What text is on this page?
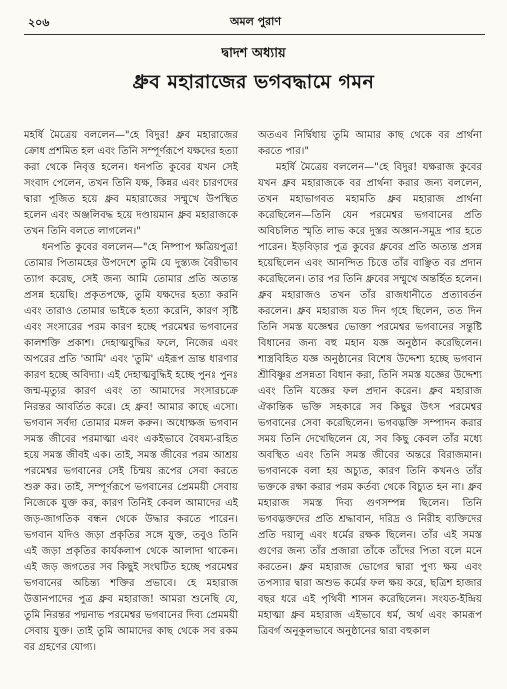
২০৬	অমল পুরাণ
দ্বাদশ অধ্যায়
ধ্রুব মহারাজের ভগবদ্ধামে গমন

মহর্ষি মৈত্রেয় বললেন—"হে বিদুর! ধ্রুব মহারাজের ক্রোধ প্রশমিত হল এবং তিনি সম্পূর্ণরূপে যক্ষদের হত্যা করা থেকে নিবৃত্ত হলেন। ধনপতি কুবের যখন সেই সংবাদ পেলেন, তখন তিনি যক্ষ, কিন্নর এবং চারণদের দ্বারা পূজিত হয়ে ধ্রুব মহারাজের সম্মুখে উপস্থিত হলেন এবং অঞ্জলিবদ্ধ হয়ে দণ্ডায়মান ধ্রুব মহারাজকে তখন তিনি বলতে লাগলেন।"

ধনপতি কুবের বললেন—"হে নিষ্পাপ ক্ষত্রিয়পুত্র! তোমার পিতামহের উপদেশে তুমি যে দুস্ত্যজ বৈরীভাব ত্যাগ করেছ, সেই জন্য আমি তোমার প্রতি অত্যন্ত প্রসন্ন হয়েছি। প্রকৃতপক্ষে, তুমি যক্ষদের হত্যা করনি এবং তারাও তোমার ভাইকে হত্যা করেনি, কারণ সৃষ্টি এবং সংসারের পরম কারণ হচ্ছে পরমেশ্বর ভগবানের কালশক্তি প্রকাশ। দেহাত্মবুদ্ধির ফলে, নিজের এবং অপরের প্রতি 'আমি' এবং 'তুমি' এইরূপ ভ্রান্ত ধারণার কারণ হচ্ছে অবিদ্যা। এই দেহাত্মবুদ্ধিই হচ্ছে পুনঃ পুনঃ জন্ম-মৃত্যুর কারণ এবং তা আমাদের সংসারচক্রে নিরন্তর আবর্তিত করে। হে ধ্রুব! আমার কাছে এসো। ভগবান সর্বদা তোমার মঙ্গল করুন। অধোক্ষজ ভগবান সমস্ত জীবের পরমাত্মা এবং একইভাবে বৈষম্য-রহিত হয়ে সমস্ত জীবই এক। তাই, সমস্ত জীবের পরম আশ্রয় পরমেশ্বর ভগবানের সেই চিন্ময় রূপের সেবা করতে শুরু কর। তাই, সম্পূর্ণরূপে ভগবানের প্রেমময়ী সেবায় নিজেকে যুক্ত কর, কারণ তিনিই কেবল আমাদের এই জড়-জাগতিক বন্ধন থেকে উদ্ধার করতে পারেন। ভগবান যদিও জড়া প্রকৃতির সঙ্গে যুক্ত, তবুও তিনি এই জড়া প্রকৃতির কার্যকলাপ থেকে আলাদা থাকেন। এই জড় জগতের সব কিছুই সংঘটিত হচ্ছে পরমেশ্বর ভগবানের অচিন্ত্য শক্তির প্রভাবে। হে মহারাজ উত্তানপাদের পুত্র ধ্রুব মহারাজ! আমরা শুনেছি যে, তুমি নিরন্তর পদ্মনাভ পরমেশ্বর ভগবানের দিব্য প্রেমময়ী সেবায় যুক্ত। তাই তুমি আমাদের কাছ থেকে সব রকম বর গ্রহণের যোগ্য।

অতএব নির্দ্বিধায় তুমি আমার কাছ থেকে বর প্রার্থনা করতে পার।"

মহর্ষি মৈত্রেয় বললেন—"হে বিদুর! যক্ষরাজ কুবের যখন ধ্রুব মহারাজকে বর প্রার্থনা করার জন্য বললেন, তখন মহাভাগবত মহামতি ধ্রুব মহারাজ প্রার্থনা করেছিলেন—তিনি যেন পরমেশ্বর ভগবানের প্রতি অবিচলিত স্মৃতি লাভ করে দুস্তর অজ্ঞান-সমুদ্র পার হতে পারেন। ইড়বিড়ার পুত্র কুবের ধ্রুবের প্রতি অত্যন্ত প্রসন্ন হয়েছিলেন এবং আনন্দিত চিত্তে তাঁর বাঞ্ছিত বর প্রদান করেছিলেন। তার পর তিনি ধ্রুবের সম্মুখে অন্তর্হিত হলেন। ধ্রুব মহারাজও তখন তাঁর রাজধানীতে প্রত্যাবর্তন করলেন। ধ্রুব মহারাজ যত দিন গৃহে ছিলেন, তত দিন তিনি সমস্ত যজ্ঞেশ্বর ভোক্তা পরমেশ্বর ভগবানের সন্তুষ্টি বিধানের জন্য বহু মহান যজ্ঞ অনুষ্ঠান করেছিলেন। শাস্ত্রবিহিত যজ্ঞ অনুষ্ঠানের বিশেষ উদ্দেশ্য হচ্ছে ভগবান শ্রীবিষ্ণুর প্রসন্নতা বিধান করা, তিনি সমস্ত যজ্ঞের উদ্দেশ্য এবং তিনি যজ্ঞের ফল প্রদান করেন। ধ্রুব মহারাজ ঐকান্তিক ভক্তি সহকারে সব কিছুর উৎস পরমেশ্বর ভগবানের সেবা করেছিলেন। ভগবদ্ভক্তি সম্পাদন করার সময় তিনি দেখেছিলেন যে, সব কিছু কেবল তাঁর মধ্যে অবস্থিত এবং তিনি সমস্ত জীবের অন্তরে বিরাজমান। ভগবানকে বলা হয় অচ্যুত, কারণ তিনি কখনও তাঁর ভক্তকে রক্ষা করার পরম কর্তব্য থেকে বিচ্যুত হন না। ধ্রুব মহারাজ সমস্ত দিব্য গুণসম্পন্ন ছিলেন। তিনি ভগবদ্ভক্তদের প্রতি শ্রদ্ধাবান, দরিদ্র ও নিরীহ ব্যক্তিদের প্রতি দয়ালু এবং ধর্মের রক্ষক ছিলেন। তাঁর এই সমস্ত গুণের জন্য তাঁর প্রজারা তাঁকে তাঁদের পিতা বলে মনে করতেন। ধ্রুব মহারাজ ভোগের দ্বারা পুণ্য ক্ষয় এবং তপস্যার দ্বারা অশুভ কর্মের ফল ক্ষয় করে, ছত্রিশ হাজার বছর ধরে এই পৃথিবী শাসন করেছিলেন। সংযত-ইন্দ্রিয় মহাত্মা ধ্রুব মহারাজ এইভাবে ধর্ম, অর্থ এবং কামরূপ ত্রিবর্গ অনুকূলভাবে অনুষ্ঠানের দ্বারা বহুকাল
